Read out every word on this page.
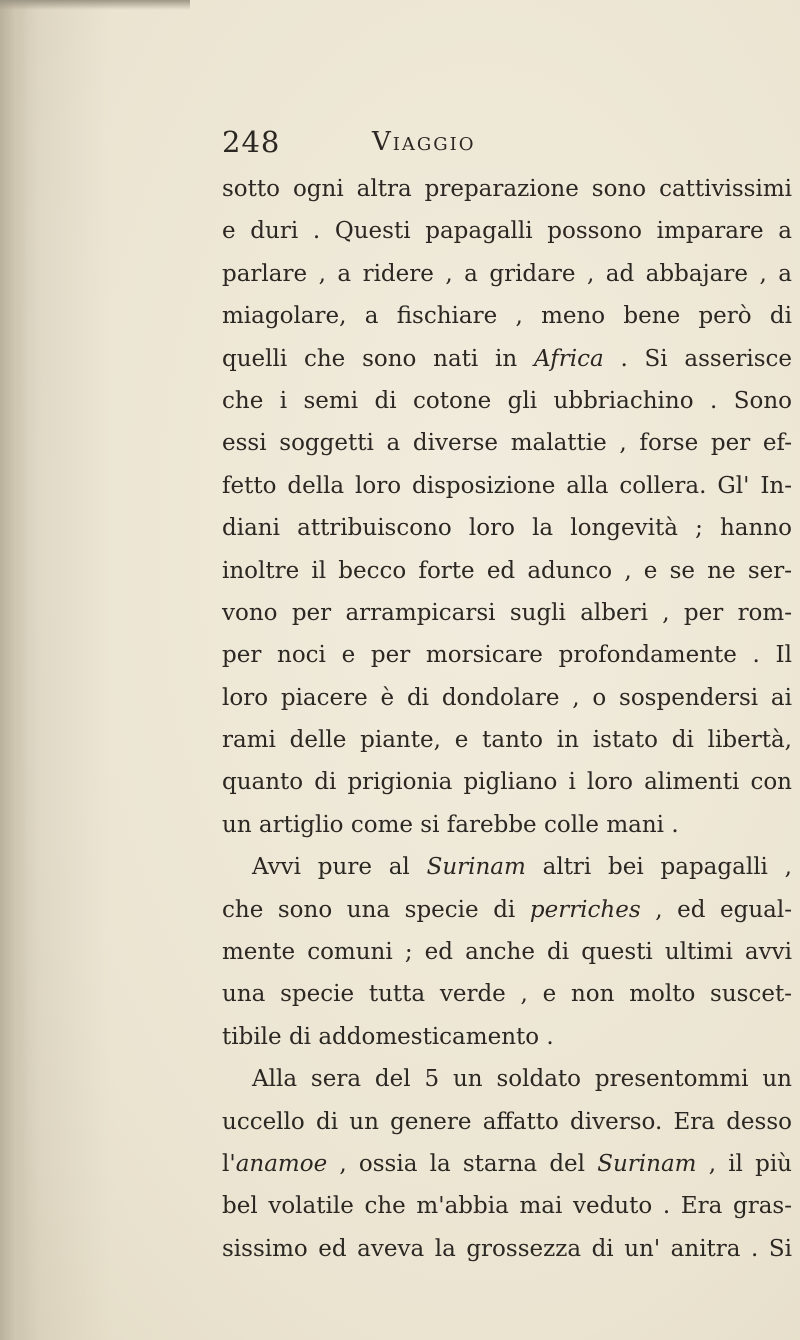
248	Viaggio
sotto ogni altra preparazione sono cattivissimi
e duri . Questi papagalli possono imparare a
parlare , a ridere , a gridare , ad abbajare , a
miagolare, a fischiare , meno bene però di
quelli che sono nati in Africa . Si asserisce
che i semi di cotone gli ubbriachino . Sono
essi soggetti a diverse malattie , forse per ef-
fetto della loro disposizione alla collera. Gl' In-
diani attribuiscono loro la longevità ; hanno
inoltre il becco forte ed adunco , e se ne ser-
vono per arrampicarsi sugli alberi , per rom-
per noci e per morsicare profondamente . Il
loro piacere è di dondolare , o sospendersi ai
rami delle piante, e tanto in istato di libertà,
quanto di prigionia pigliano i loro alimenti con
un artiglio come si farebbe colle mani .
Avvi pure al Surinam altri bei papagalli ,
che sono una specie di perriches , ed egual-
mente comuni ; ed anche di questi ultimi avvi
una specie tutta verde , e non molto suscet-
tibile di addomesticamento .
Alla sera del 5 un soldato presentommi un
uccello di un genere affatto diverso. Era desso
l'anamoe , ossia la starna del Surinam , il più
bel volatile che m'abbia mai veduto . Era gras-
sissimo ed aveva la grossezza di un' anitra . Si
